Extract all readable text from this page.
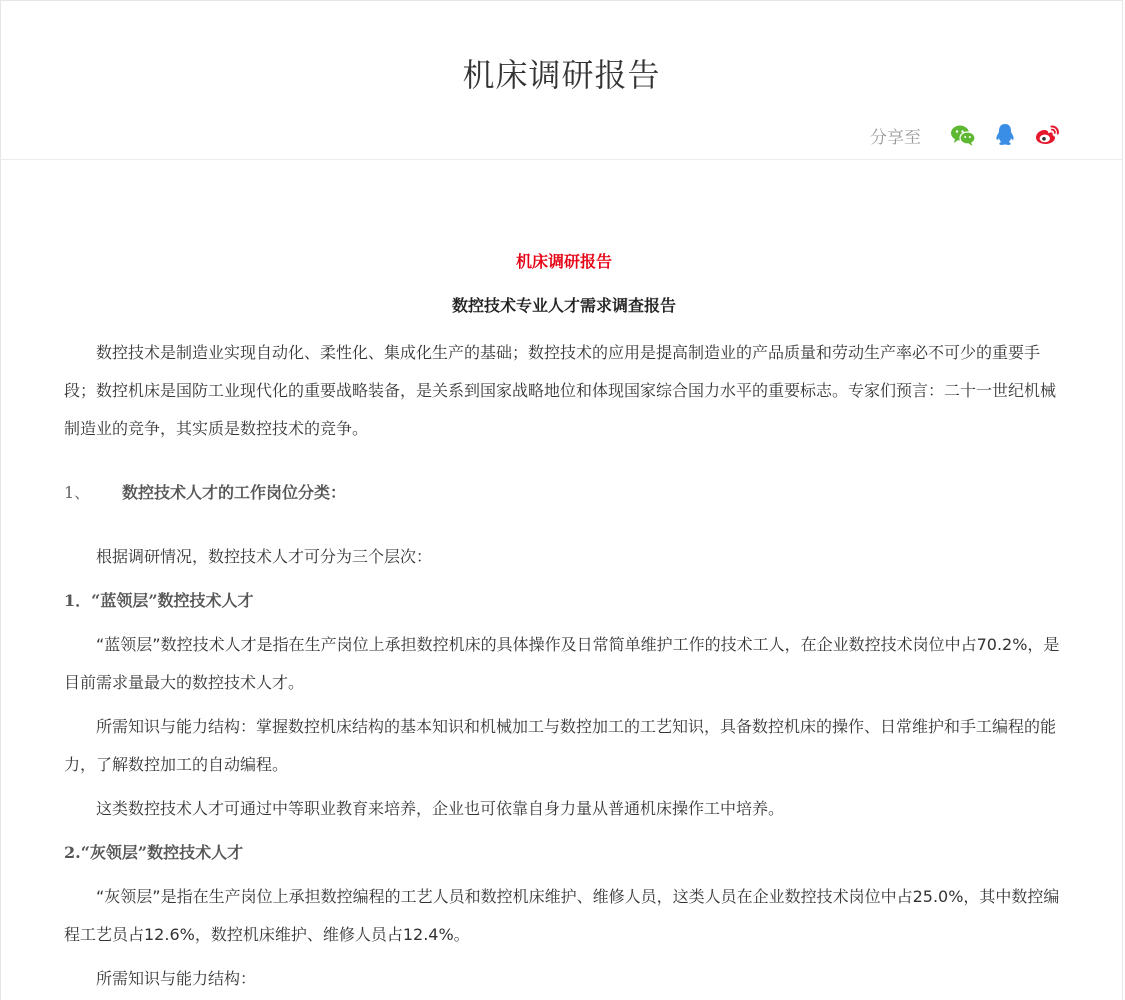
机床调研报告
分享至

机床调研报告

数控技术专业人才需求调查报告

数控技术是制造业实现自动化、柔性化、集成化生产的基础；数控技术的应用是提高制造业的产品质量和劳动生产率必不可少的重要手段；数控机床是国防工业现代化的重要战略装备，是关系到国家战略地位和体现国家综合国力水平的重要标志。专家们预言：二十一世纪机械制造业的竞争，其实质是数控技术的竞争。

1、 数控技术人才的工作岗位分类：

根据调研情况，数控技术人才可分为三个层次：

1．“蓝领层”数控技术人才

“蓝领层”数控技术人才是指在生产岗位上承担数控机床的具体操作及日常简单维护工作的技术工人，在企业数控技术岗位中占70.2%，是目前需求量最大的数控技术人才。

所需知识与能力结构：掌握数控机床结构的基本知识和机械加工与数控加工的工艺知识，具备数控机床的操作、日常维护和手工编程的能力，了解数控加工的自动编程。

这类数控技术人才可通过中等职业教育来培养，企业也可依靠自身力量从普通机床操作工中培养。

2.“灰领层”数控技术人才

“灰领层”是指在生产岗位上承担数控编程的工艺人员和数控机床维护、维修人员，这类人员在企业数控技术岗位中占25.0%，其中数控编程工艺员占12.6%，数控机床维护、维修人员占12.4%。

所需知识与能力结构：
